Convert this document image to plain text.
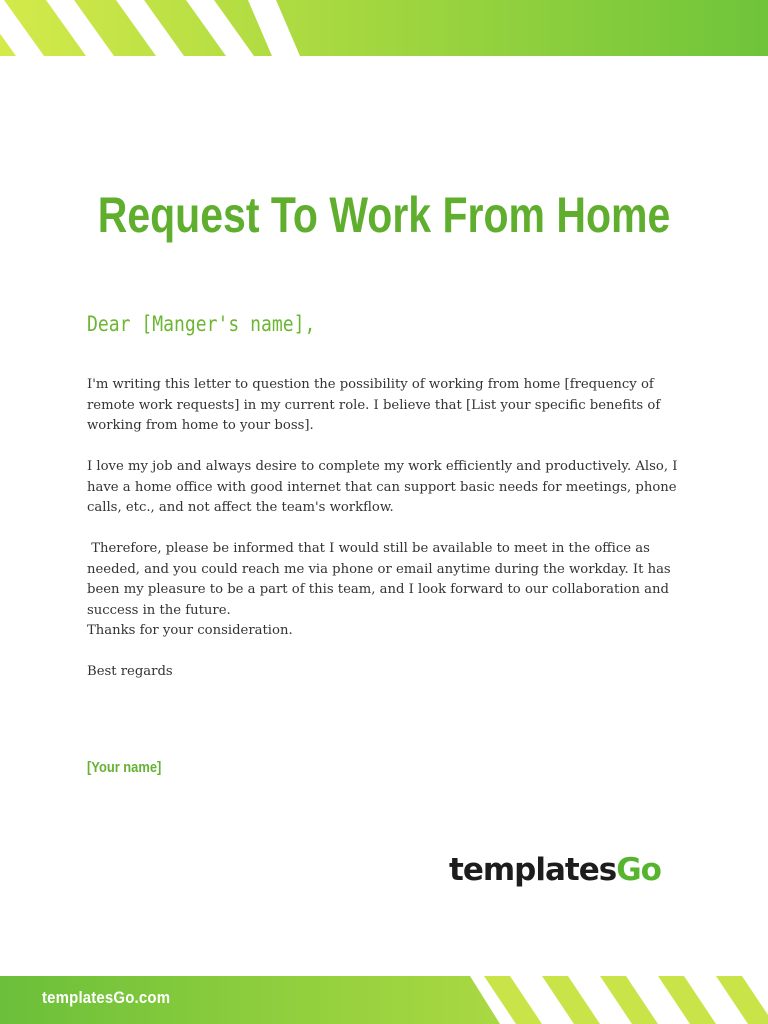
Request To Work From Home
Dear [Manger's name],

I'm writing this letter to question the possibility of working from home [frequency of remote work requests] in my current role. I believe that [List your specific benefits of working from home to your boss].

I love my job and always desire to complete my work efficiently and productively. Also, I have a home office with good internet that can support basic needs for meetings, phone calls, etc., and not affect the team's workflow.

Therefore, please be informed that I would still be available to meet in the office as needed, and you could reach me via phone or email anytime during the workday. It has been my pleasure to be a part of this team, and I look forward to our collaboration and success in the future.

Thanks for your consideration.

Best regards

[Your name]
templatesGo
templatesGo.com
